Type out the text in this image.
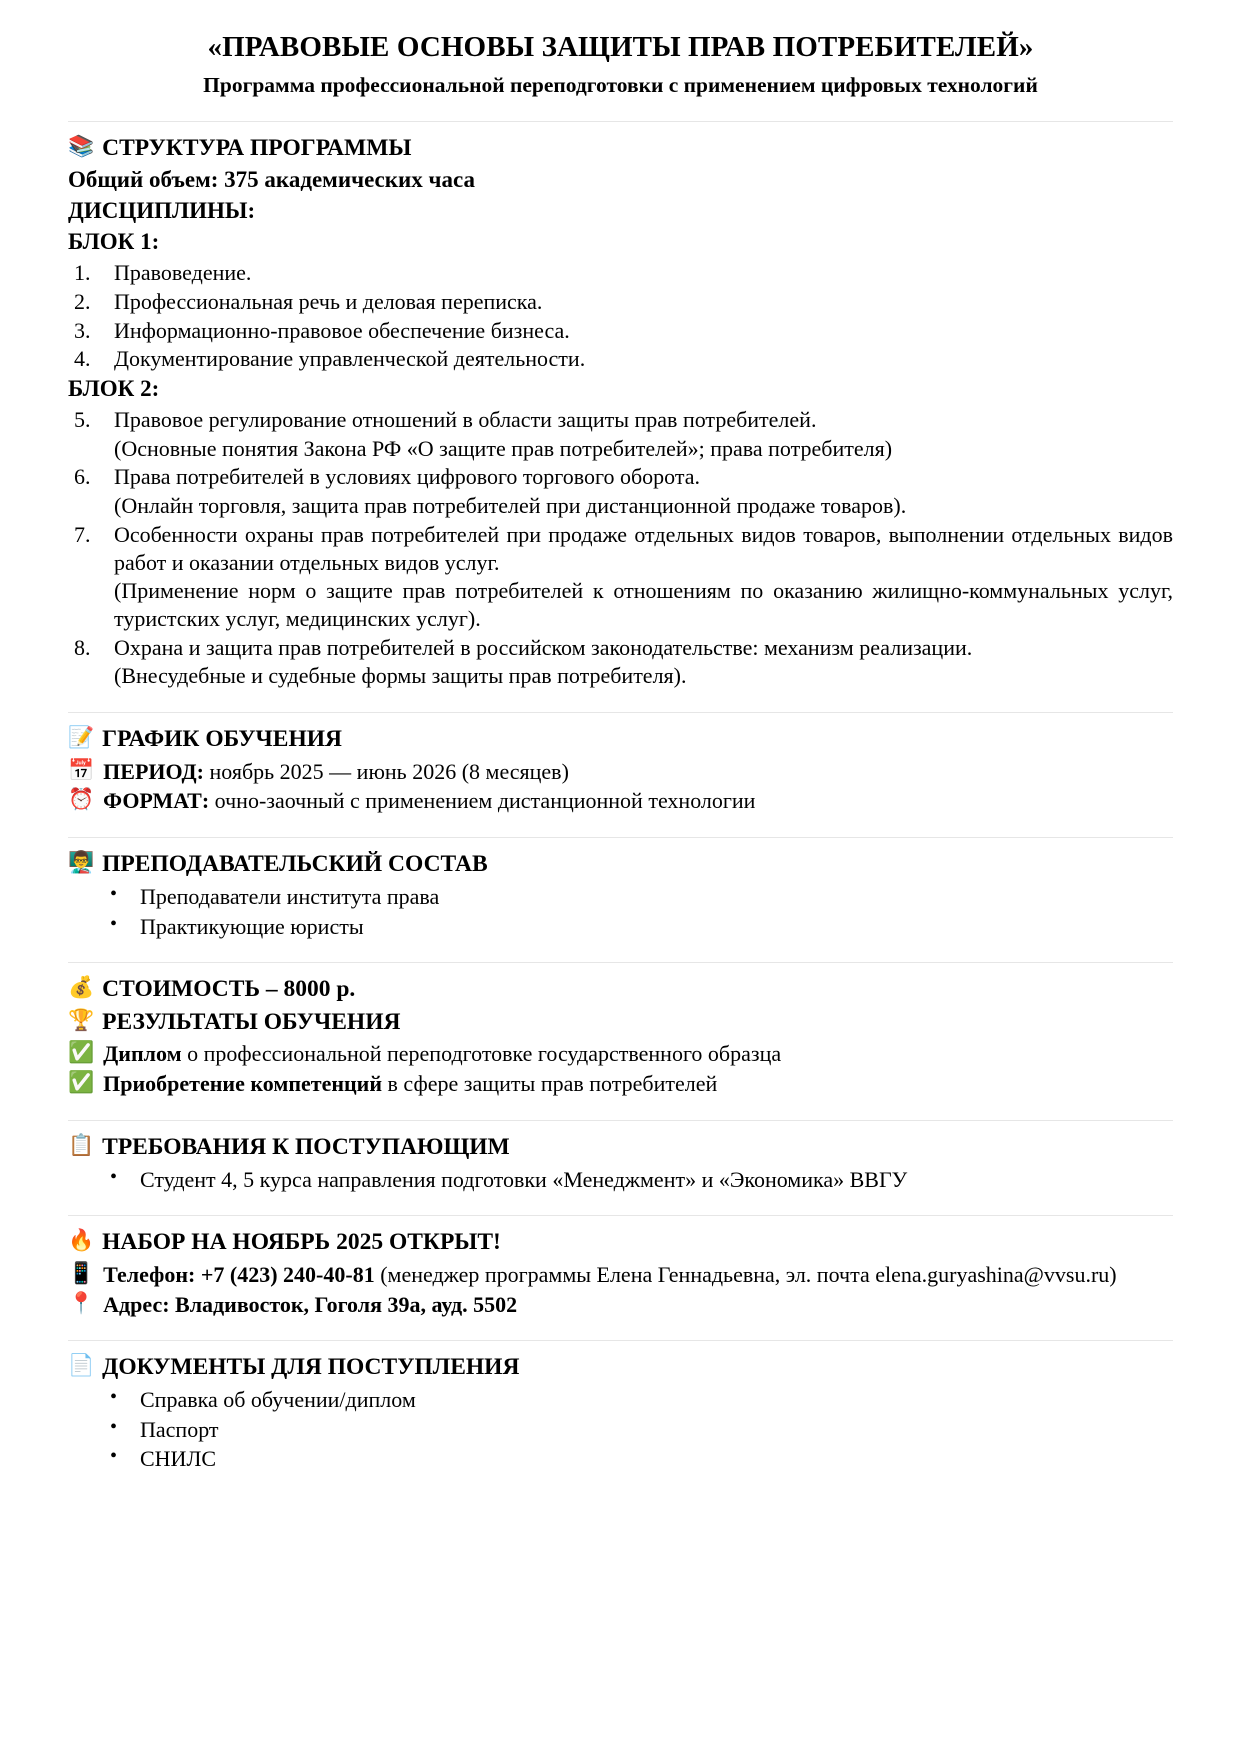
«ПРАВОВЫЕ ОСНОВЫ ЗАЩИТЫ ПРАВ ПОТРЕБИТЕЛЕЙ»
Программа профессиональной переподготовки с применением цифровых технологий
📚 СТРУКТУРА ПРОГРАММЫ
Общий объем: 375 академических часа
ДИСЦИПЛИНЫ:
БЛОК 1:
1.	Правоведение.
2.	Профессиональная речь и деловая переписка.
3.	Информационно-правовое обеспечение бизнеса.
4.	Документирование управленческой деятельности.
БЛОК 2:
5.	Правовое регулирование отношений в области защиты прав потребителей.
(Основные понятия Закона РФ «О защите прав потребителей»; права потребителя)
6.	Права потребителей в условиях цифрового торгового оборота.
(Онлайн торговля, защита прав потребителей при дистанционной продаже товаров).
7.	Особенности охраны прав потребителей при продаже отдельных видов товаров, выполнении отдельных видов работ и оказании отдельных видов услуг.
(Применение норм о защите прав потребителей к отношениям по оказанию жилищно-коммунальных услуг, туристских услуг, медицинских услуг).
8.	Охрана и защита прав потребителей в российском законодательстве: механизм реализации.
(Внесудебные и судебные формы защиты прав потребителя).
📝 ГРАФИК ОБУЧЕНИЯ
📅 ПЕРИОД: ноябрь 2025 — июнь 2026 (8 месяцев)
⏰ ФОРМАТ: очно-заочный с применением дистанционной технологии
👨‍🏫 ПРЕПОДАВАТЕЛЬСКИЙ СОСТАВ
• Преподаватели института права
• Практикующие юристы
💰 СТОИМОСТЬ – 8000 р.
🏆 РЕЗУЛЬТАТЫ ОБУЧЕНИЯ
✅ Диплом о профессиональной переподготовке государственного образца
✅ Приобретение компетенций в сфере защиты прав потребителей
📋 ТРЕБОВАНИЯ К ПОСТУПАЮЩИМ
• Студент 4, 5 курса направления подготовки «Менеджмент» и «Экономика» ВВГУ
🔥 НАБОР НА НОЯБРЬ 2025 ОТКРЫТ!
📱 Телефон: +7 (423) 240-40-81 (менеджер программы Елена Геннадьевна, эл. почта elena.guryashina@vvsu.ru)
📍 Адрес: Владивосток, Гоголя 39а, ауд. 5502
📄 ДОКУМЕНТЫ ДЛЯ ПОСТУПЛЕНИЯ
• Справка об обучении/диплом
• Паспорт
• СНИЛС
